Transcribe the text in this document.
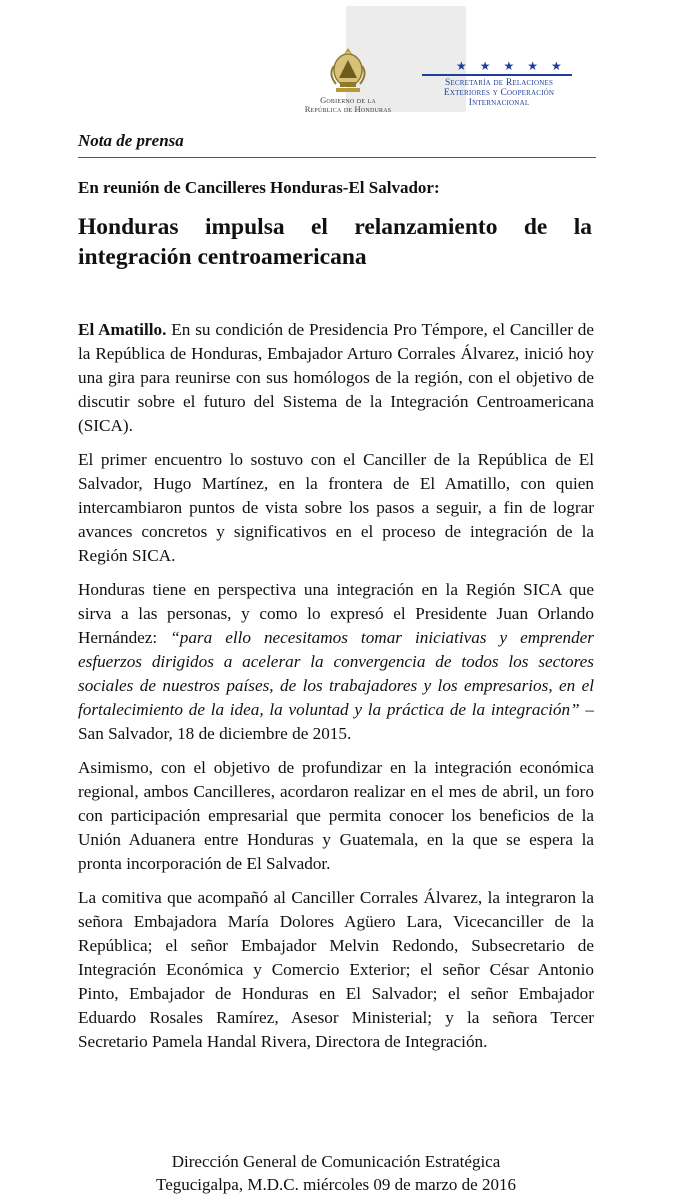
Gobierno de la
República de Honduras
★ ★ ★ ★ ★
Secretaría de Relaciones
Exteriores y Cooperación
Internacional
Nota de prensa
En reunión de Cancilleres Honduras-El Salvador:
Honduras impulsa el relanzamiento de la integración centroamericana

El Amatillo. En su condición de Presidencia Pro Témpore, el Canciller de la República de Honduras, Embajador Arturo Corrales Álvarez, inició hoy una gira para reunirse con sus homólogos de la región, con el objetivo de discutir sobre el futuro del Sistema de la Integración Centroamericana (SICA).

El primer encuentro lo sostuvo con el Canciller de la República de El Salvador, Hugo Martínez, en la frontera de El Amatillo, con quien intercambiaron puntos de vista sobre los pasos a seguir, a fin de lograr avances concretos y significativos en el proceso de integración de la Región SICA.

Honduras tiene en perspectiva una integración en la Región SICA que sirva a las personas, y como lo expresó el Presidente Juan Orlando Hernández: “para ello necesitamos tomar iniciativas y emprender esfuerzos dirigidos a acelerar la convergencia de todos los sectores sociales de nuestros países, de los trabajadores y los empresarios, en el fortalecimiento de la idea, la voluntad y la práctica de la integración” –San Salvador, 18 de diciembre de 2015.

Asimismo, con el objetivo de profundizar en la integración económica regional, ambos Cancilleres, acordaron realizar en el mes de abril, un foro con participación empresarial que permita conocer los beneficios de la Unión Aduanera entre Honduras y Guatemala, en la que se espera la pronta incorporación de El Salvador.

La comitiva que acompañó al Canciller Corrales Álvarez, la integraron la señora Embajadora María Dolores Agüero Lara, Vicecanciller de la República; el señor Embajador Melvin Redondo, Subsecretario de Integración Económica y Comercio Exterior; el señor César Antonio Pinto, Embajador de Honduras en El Salvador; el señor Embajador Eduardo Rosales Ramírez, Asesor Ministerial; y la señora Tercer Secretario Pamela Handal Rivera, Directora de Integración.

Dirección General de Comunicación Estratégica
Tegucigalpa, M.D.C. miércoles 09 de marzo de 2016
